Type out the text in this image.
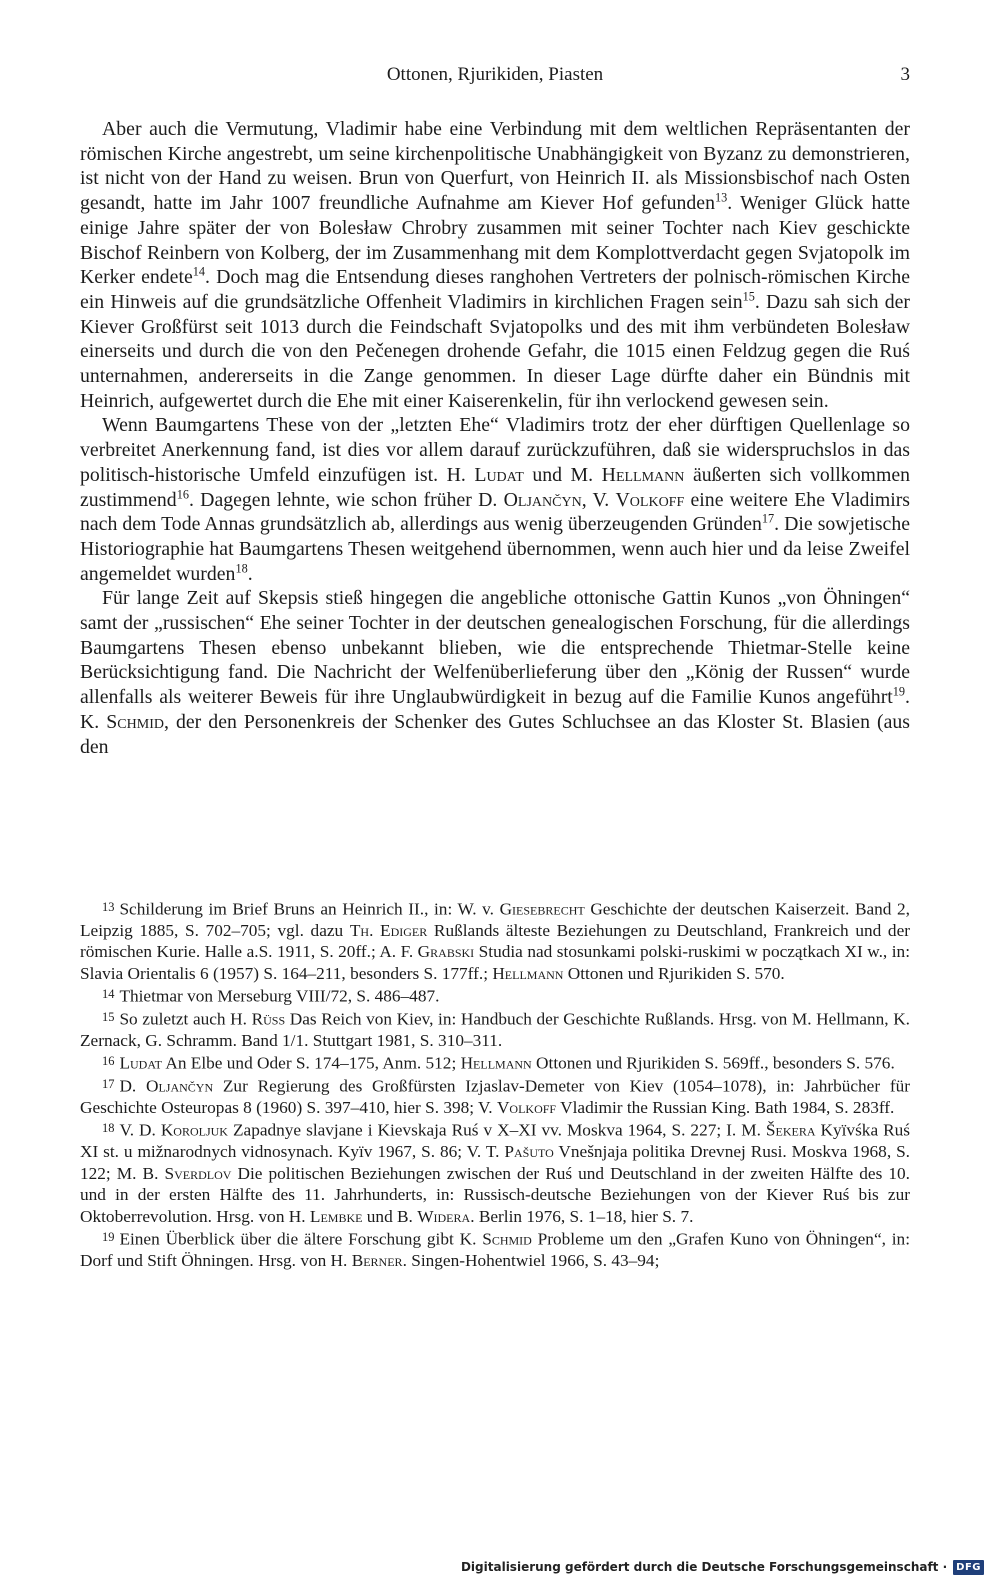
Ottonen, Rjurikiden, Piasten	3

Aber auch die Vermutung, Vladimir habe eine Verbindung mit dem weltlichen Repräsentanten der römischen Kirche angestrebt, um seine kirchenpolitische Unabhängigkeit von Byzanz zu demonstrieren, ist nicht von der Hand zu weisen. Brun von Querfurt, von Heinrich II. als Missionsbischof nach Osten gesandt, hatte im Jahr 1007 freundliche Aufnahme am Kiever Hof gefunden$^{13}$. Weniger Glück hatte einige Jahre später der von Bolesław Chrobry zusammen mit seiner Tochter nach Kiev geschickte Bischof Reinbern von Kolberg, der im Zusammenhang mit dem Komplottverdacht gegen Svjatopolk im Kerker endete$^{14}$. Doch mag die Entsendung dieses ranghohen Vertreters der polnisch-römischen Kirche ein Hinweis auf die grundsätzliche Offenheit Vladimirs in kirchlichen Fragen sein$^{15}$. Dazu sah sich der Kiever Großfürst seit 1013 durch die Feindschaft Svjatopolks und des mit ihm verbündeten Bolesław einerseits und durch die von den Pečenegen drohende Gefahr, die 1015 einen Feldzug gegen die Ruś unternahmen, andererseits in die Zange genommen. In dieser Lage dürfte daher ein Bündnis mit Heinrich, aufgewertet durch die Ehe mit einer Kaiserenkelin, für ihn verlockend gewesen sein.

Wenn Baumgartens These von der „letzten Ehe“ Vladimirs trotz der eher dürftigen Quellenlage so verbreitet Anerkennung fand, ist dies vor allem darauf zurückzuführen, daß sie widerspruchslos in das politisch-historische Umfeld einzufügen ist. H. Ludat und M. Hellmann äußerten sich vollkommen zustimmend$^{16}$. Dagegen lehnte, wie schon früher D. Oljančyn, V. Volkoff eine weitere Ehe Vladimirs nach dem Tode Annas grundsätzlich ab, allerdings aus wenig überzeugenden Gründen$^{17}$. Die sowjetische Historiographie hat Baumgartens Thesen weitgehend übernommen, wenn auch hier und da leise Zweifel angemeldet wurden$^{18}$.

Für lange Zeit auf Skepsis stieß hingegen die angebliche ottonische Gattin Kunos „von Öhningen“ samt der „russischen“ Ehe seiner Tochter in der deutschen genealogischen Forschung, für die allerdings Baumgartens Thesen ebenso unbekannt blieben, wie die entsprechende Thietmar-Stelle keine Berücksichtigung fand. Die Nachricht der Welfenüberlieferung über den „König der Russen“ wurde allenfalls als weiterer Beweis für ihre Unglaubwürdigkeit in bezug auf die Familie Kunos angeführt$^{19}$. K. Schmid, der den Personenkreis der Schenker des Gutes Schluchsee an das Kloster St. Blasien (aus den

$^{13}$ Schilderung im Brief Bruns an Heinrich II., in: W. v. Giesebrecht Geschichte der deutschen Kaiserzeit. Band 2, Leipzig 1885, S. 702–705; vgl. dazu Th. Ediger Rußlands älteste Beziehungen zu Deutschland, Frankreich und der römischen Kurie. Halle a.S. 1911, S. 20ff.; A. F. Grabski Studia nad stosunkami polski-ruskimi w początkach XI w., in: Slavia Orientalis 6 (1957) S. 164–211, besonders S. 177ff.; Hellmann Ottonen und Rjurikiden S. 570.

$^{14}$ Thietmar von Merseburg VIII/72, S. 486–487.

$^{15}$ So zuletzt auch H. Rüss Das Reich von Kiev, in: Handbuch der Geschichte Rußlands. Hrsg. von M. Hellmann, K. Zernack, G. Schramm. Band 1/1. Stuttgart 1981, S. 310–311.

$^{16}$ Ludat An Elbe und Oder S. 174–175, Anm. 512; Hellmann Ottonen und Rjurikiden S. 569ff., besonders S. 576.

$^{17}$ D. Oljančyn Zur Regierung des Großfürsten Izjaslav-Demeter von Kiev (1054–1078), in: Jahrbücher für Geschichte Osteuropas 8 (1960) S. 397–410, hier S. 398; V. Volkoff Vladimir the Russian King. Bath 1984, S. 283ff.

$^{18}$ V. D. Koroljuk Zapadnye slavjane i Kievskaja Ruś v X–XI vv. Moskva 1964, S. 227; I. M. Šekera Kyïvśka Ruś XI st. u mižnarodnych vidnosynach. Kyïv 1967, S. 86; V. T. Pašuto Vnešnjaja politika Drevnej Rusi. Moskva 1968, S. 122; M. B. Sverdlov Die politischen Beziehungen zwischen der Ruś und Deutschland in der zweiten Hälfte des 10. und in der ersten Hälfte des 11. Jahrhunderts, in: Russisch-deutsche Beziehungen von der Kiever Ruś bis zur Oktoberrevolution. Hrsg. von H. Lembke und B. Widera. Berlin 1976, S. 1–18, hier S. 7.

$^{19}$ Einen Überblick über die ältere Forschung gibt K. Schmid Probleme um den „Grafen Kuno von Öhningen“, in: Dorf und Stift Öhningen. Hrsg. von H. Berner. Singen-Hohentwiel 1966, S. 43–94;

Digitalisierung gefördert durch die Deutsche Forschungsgemeinschaft · DFG
